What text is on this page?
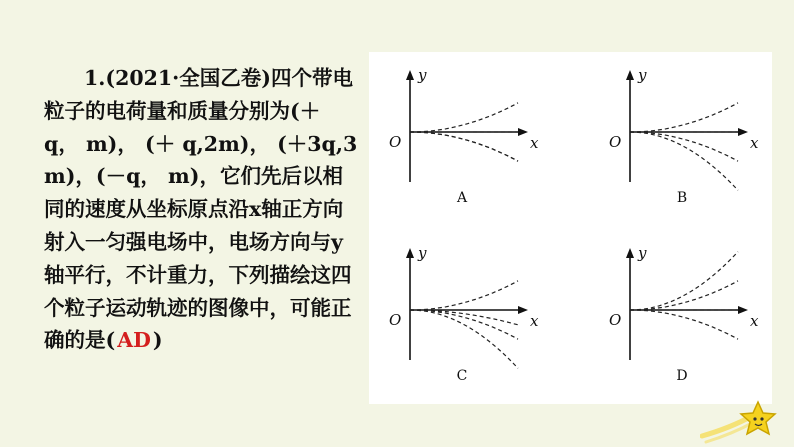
1.(2021·全国乙卷)四个带电粒子的电荷量和质量分别为(＋ q， m)， (＋ q,2m)， (＋3q,3m)，(－q， m)，它们先后以相同的速度从坐标原点沿x轴正方向射入一匀强电场中，电场方向与y轴平行，不计重力，下列描绘这四个粒子运动轨迹的图像中，可能正确的是(AD)
y
x
O
A
y
x
O
B
y
x
O
C
y
x
O
D
